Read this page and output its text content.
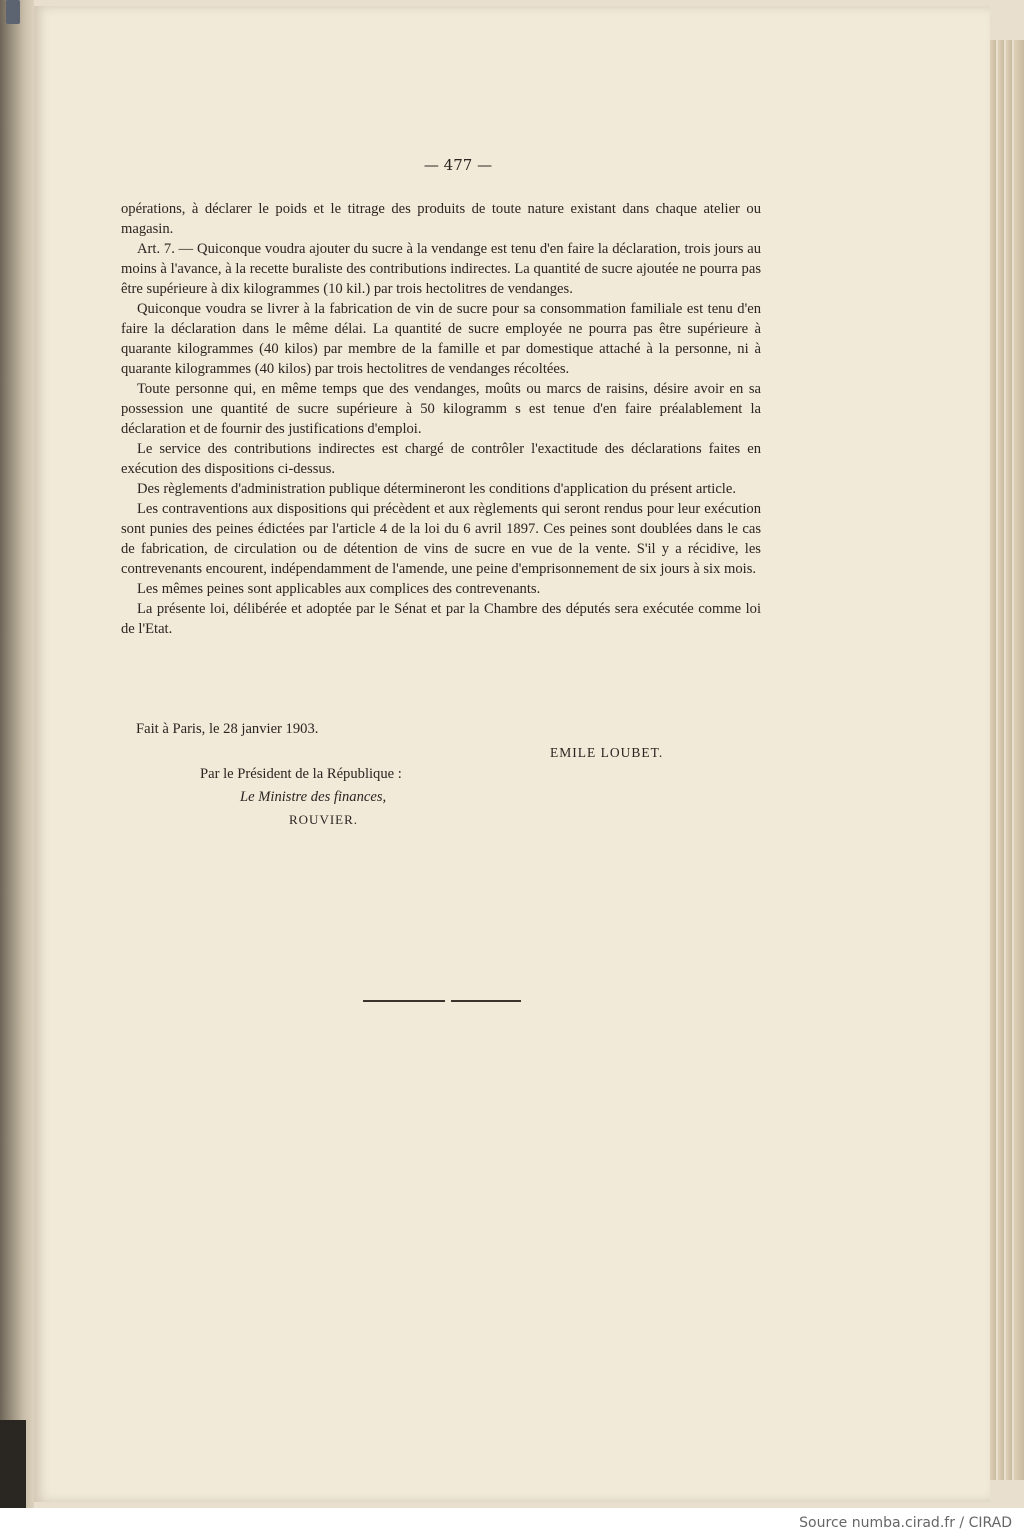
— 477 —

opérations, à déclarer le poids et le titrage des produits de toute nature existant dans chaque atelier ou magasin.

Art. 7. — Quiconque voudra ajouter du sucre à la vendange est tenu d'en faire la déclaration, trois jours au moins à l'avance, à la recette buraliste des contributions indirectes. La quantité de sucre ajoutée ne pourra pas être supérieure à dix kilogrammes (10 kil.) par trois hectolitres de vendanges.

Quiconque voudra se livrer à la fabrication de vin de sucre pour sa consommation familiale est tenu d'en faire la déclaration dans le même délai. La quantité de sucre employée ne pourra pas être supérieure à quarante kilogrammes (40 kilos) par membre de la famille et par domestique attaché à la personne, ni à quarante kilogrammes (40 kilos) par trois hectolitres de vendanges récoltées.

Toute personne qui, en même temps que des vendanges, moûts ou marcs de raisins, désire avoir en sa possession une quantité de sucre supérieure à 50 kilogramm s est tenue d'en faire préalablement la déclaration et de fournir des justifications d'emploi.

Le service des contributions indirectes est chargé de contrôler l'exactitude des déclarations faites en exécution des dispositions ci-dessus.

Des règlements d'administration publique détermineront les conditions d'application du présent article.

Les contraventions aux dispositions qui précèdent et aux règlements qui seront rendus pour leur exécution sont punies des peines édictées par l'article 4 de la loi du 6 avril 1897. Ces peines sont doublées dans le cas de fabrication, de circulation ou de détention de vins de sucre en vue de la vente. S'il y a récidive, les contrevenants encourent, indépendamment de l'amende, une peine d'emprisonnement de six jours à six mois.

Les mêmes peines sont applicables aux complices des contrevenants.

La présente loi, délibérée et adoptée par le Sénat et par la Chambre des députés sera exécutée comme loi de l'Etat.

Fait à Paris, le 28 janvier 1903.
EMILE LOUBET.
Par le Président de la République :
Le Ministre des finances,
ROUVIER.
Source numba.cirad.fr / CIRAD
